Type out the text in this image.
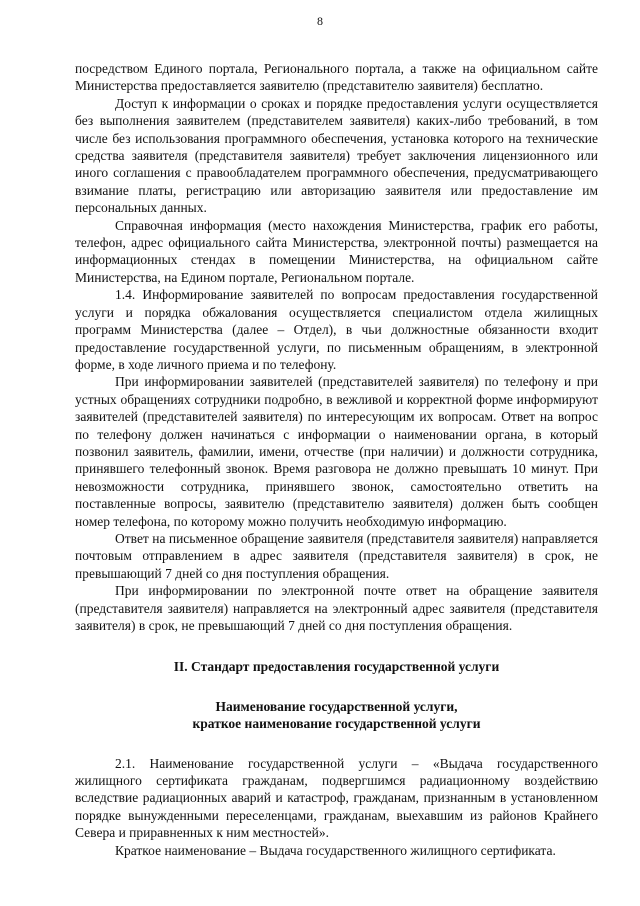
8

посредством Единого портала, Регионального портала, а также на официальном сайте Министерства предоставляется заявителю (представителю заявителя) бесплатно.

Доступ к информации о сроках и порядке предоставления услуги осуществляется без выполнения заявителем (представителем заявителя) каких-либо требований, в том числе без использования программного обеспечения, установка которого на технические средства заявителя (представителя заявителя) требует заключения лицензионного или иного соглашения с правообладателем программного обеспечения, предусматривающего взимание платы, регистрацию или авторизацию заявителя или предоставление им персональных данных.

Справочная информация (место нахождения Министерства, график его работы, телефон, адрес официального сайта Министерства, электронной почты) размещается на информационных стендах в помещении Министерства, на официальном сайте Министерства, на Едином портале, Региональном портале.

1.4. Информирование заявителей по вопросам предоставления государственной услуги и порядка обжалования осуществляется специалистом отдела жилищных программ Министерства (далее – Отдел), в чьи должностные обязанности входит предоставление государственной услуги, по письменным обращениям, в электронной форме, в ходе личного приема и по телефону.

При информировании заявителей (представителей заявителя) по телефону и при устных обращениях сотрудники подробно, в вежливой и корректной форме информируют заявителей (представителей заявителя) по интересующим их вопросам. Ответ на вопрос по телефону должен начинаться с информации о наименовании органа, в который позвонил заявитель, фамилии, имени, отчестве (при наличии) и должности сотрудника, принявшего телефонный звонок. Время разговора не должно превышать 10 минут. При невозможности сотрудника, принявшего звонок, самостоятельно ответить на поставленные вопросы, заявителю (представителю заявителя) должен быть сообщен номер телефона, по которому можно получить необходимую информацию.

Ответ на письменное обращение заявителя (представителя заявителя) направляется почтовым отправлением в адрес заявителя (представителя заявителя) в срок, не превышающий 7 дней со дня поступления обращения.

При информировании по электронной почте ответ на обращение заявителя (представителя заявителя) направляется на электронный адрес заявителя (представителя заявителя) в срок, не превышающий 7 дней со дня поступления обращения.

II. Стандарт предоставления государственной услуги
Наименование государственной услуги,
краткое наименование государственной услуги

2.1. Наименование государственной услуги – «Выдача государственного жилищного сертификата гражданам, подвергшимся радиационному воздействию вследствие радиационных аварий и катастроф, гражданам, признанным в установленном порядке вынужденными переселенцами, гражданам, выехавшим из районов Крайнего Севера и приравненных к ним местностей».

Краткое наименование – Выдача государственного жилищного сертификата.
